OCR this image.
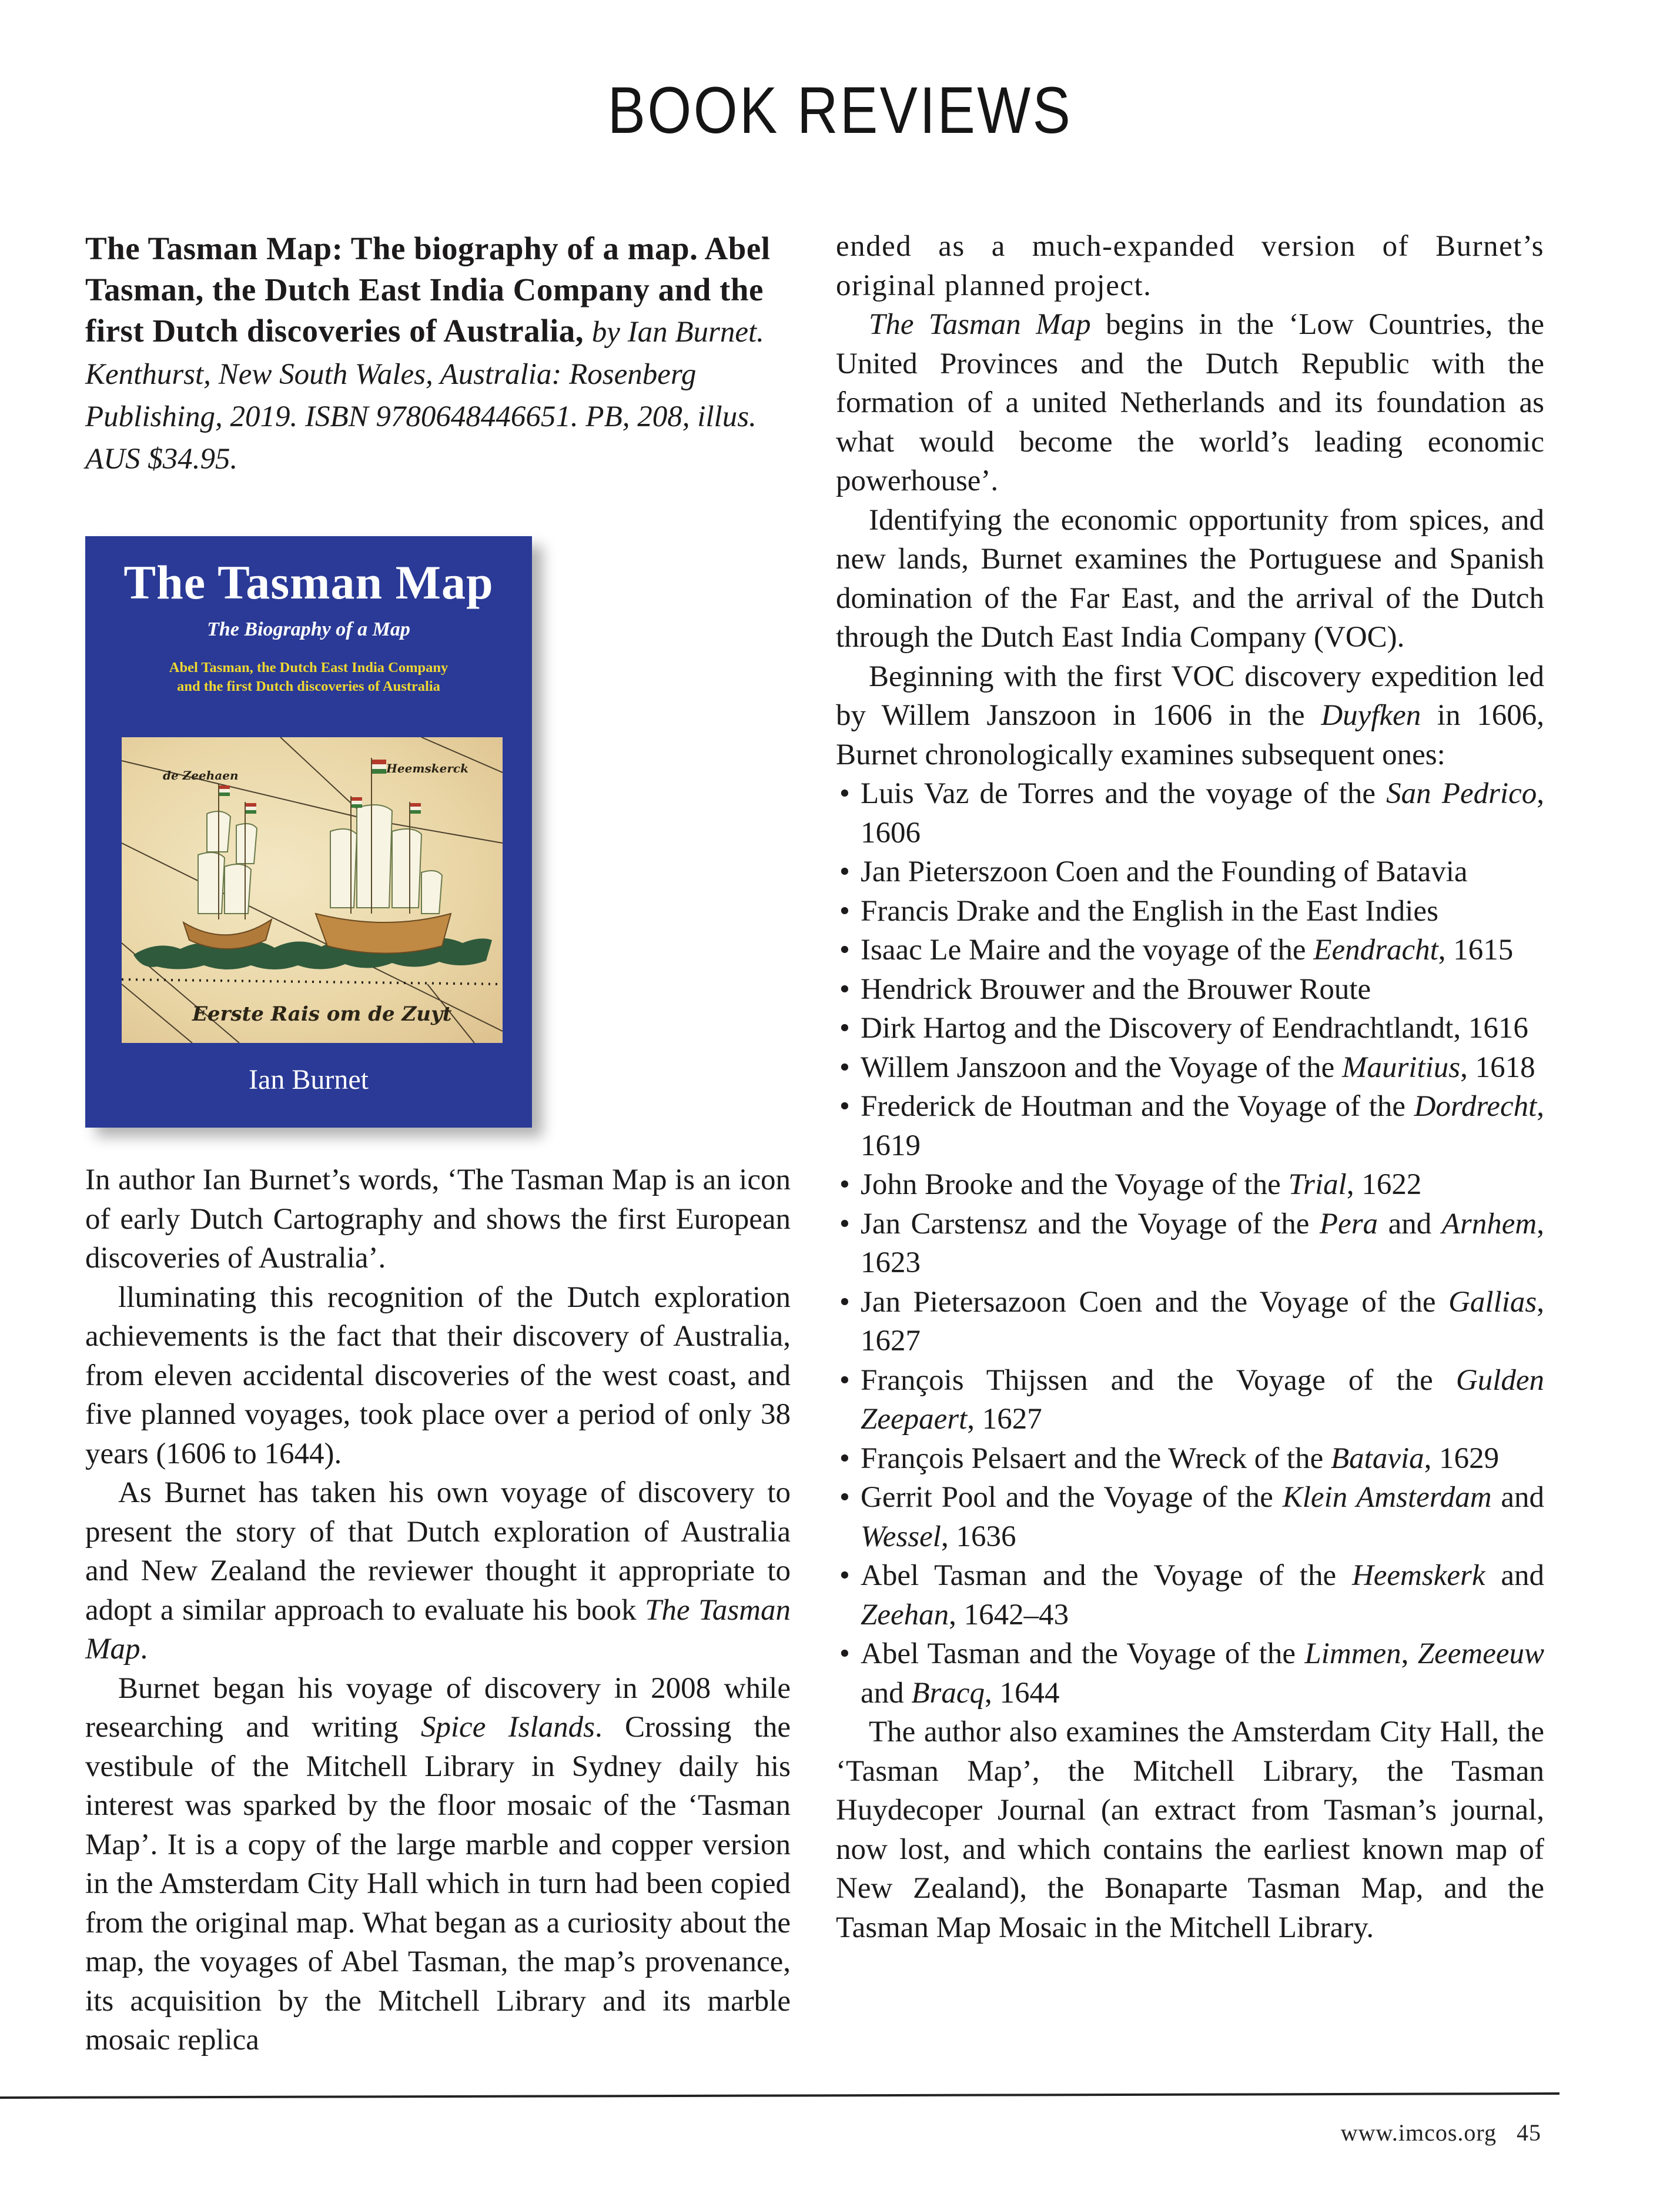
BOOK REVIEWS

The Tasman Map: The biography of a map. Abel Tasman, the Dutch East India Company and the first Dutch discoveries of Australia, by Ian Burnet. Kenthurst, New South Wales, Australia: Rosenberg Publishing, 2019. ISBN 9780648446651. PB, 208, illus. AUS $34.95.

In author Ian Burnet’s words, ‘The Tasman Map is an icon of early Dutch Cartography and shows the first European discoveries of Australia’.

lluminating this recognition of the Dutch exploration achievements is the fact that their discovery of Australia, from eleven accidental discoveries of the west coast, and five planned voyages, took place over a period of only 38 years (1606 to 1644).

As Burnet has taken his own voyage of discovery to present the story of that Dutch exploration of Australia and New Zealand the reviewer thought it appropriate to adopt a similar approach to evaluate his book The Tasman Map.

Burnet began his voyage of discovery in 2008 while researching and writing Spice Islands. Crossing the vestibule of the Mitchell Library in Sydney daily his interest was sparked by the floor mosaic of the ‘Tasman Map’. It is a copy of the large marble and copper version in the Amsterdam City Hall which in turn had been copied from the original map. What began as a curiosity about the map, the voyages of Abel Tasman, the map’s provenance, its acquisition by the Mitchell Library and its marble mosaic replica

The Tasman Map
The Biography of a Map
Abel Tasman, the Dutch East India Company
and the first Dutch discoveries of Australia
de Zeehaen	Heemskerck
Eerste Rais om de Zuyt
Ian Burnet

ended as a much-expanded version of Burnet’s original planned project.

The Tasman Map begins in the ‘Low Countries, the United Provinces and the Dutch Republic with the formation of a united Netherlands and its foundation as what would become the world’s leading economic powerhouse’.

Identifying the economic opportunity from spices, and new lands, Burnet examines the Portuguese and Spanish domination of the Far East, and the arrival of the Dutch through the Dutch East India Company (VOC).

Beginning with the first VOC discovery expedition led by Willem Janszoon in 1606 in the Duyfken in 1606, Burnet chronologically examines subsequent ones:

• Luis Vaz de Torres and the voyage of the San Pedrico, 1606
• Jan Pieterszoon Coen and the Founding of Batavia
• Francis Drake and the English in the East Indies
• Isaac Le Maire and the voyage of the Eendracht, 1615
• Hendrick Brouwer and the Brouwer Route
• Dirk Hartog and the Discovery of Eendrachtlandt, 1616
• Willem Janszoon and the Voyage of the Mauritius, 1618
• Frederick de Houtman and the Voyage of the Dordrecht, 1619
• John Brooke and the Voyage of the Trial, 1622
• Jan Carstensz and the Voyage of the Pera and Arnhem, 1623
• Jan Pietersazoon Coen and the Voyage of the Gallias, 1627
• François Thijssen and the Voyage of the Gulden Zeepaert, 1627
• François Pelsaert and the Wreck of the Batavia, 1629
• Gerrit Pool and the Voyage of the Klein Amsterdam and Wessel, 1636
• Abel Tasman and the Voyage of the Heemskerk and Zeehan, 1642–43
• Abel Tasman and the Voyage of the Limmen, Zeemeeuw and Bracq, 1644

The author also examines the Amsterdam City Hall, the ‘Tasman Map’, the Mitchell Library, the Tasman Huydecoper Journal (an extract from Tasman’s journal, now lost, and which contains the earliest known map of New Zealand), the Bonaparte Tasman Map, and the Tasman Map Mosaic in the Mitchell Library.

www.imcos.org 45
